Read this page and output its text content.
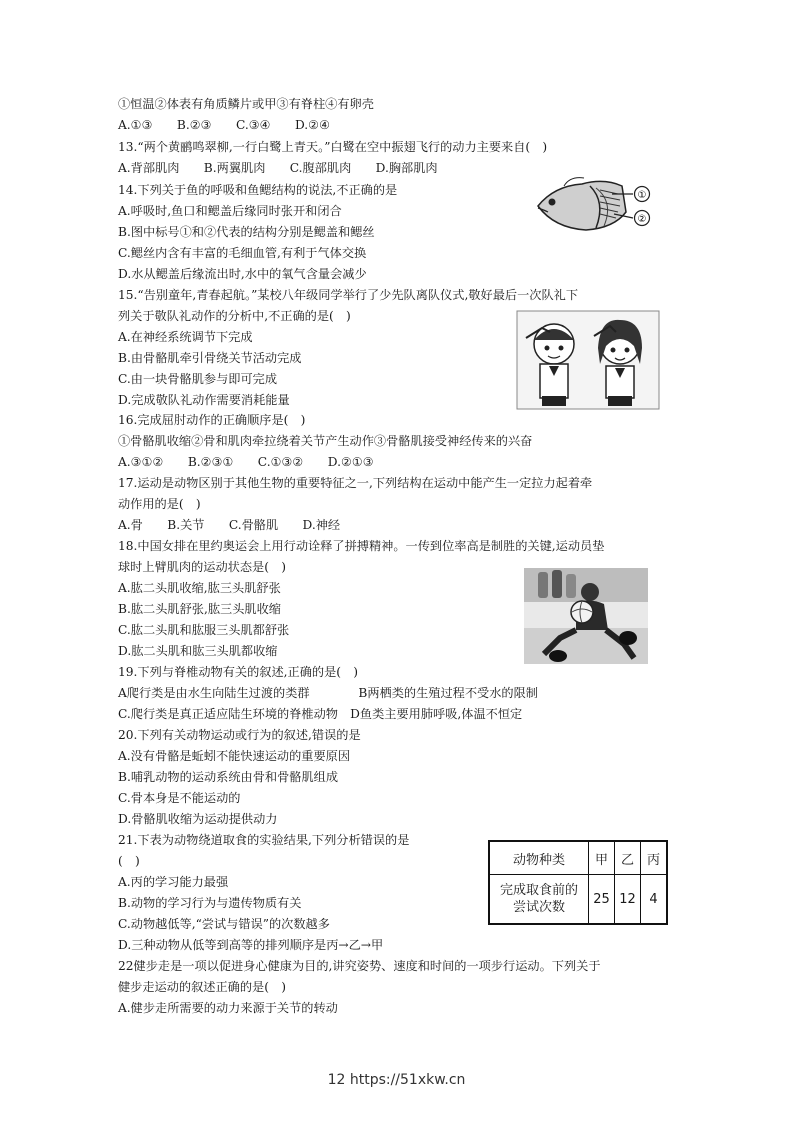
①恒温②体表有角质鳞片或甲③有脊柱④有卵壳
A.①③　　B.②③　　C.③④　　D.②④
13.“两个黄鹂鸣翠柳,一行白鹭上青天。”白鹭在空中振翅飞行的动力主要来自(　)
A.背部肌肉　　B.两翼肌肉　　C.腹部肌肉　　D.胸部肌肉
14.下列关于鱼的呼吸和鱼鳃结构的说法,不正确的是
A.呼吸时,鱼口和鳃盖后缘同时张开和闭合
B.图中标号①和②代表的结构分别是鳃盖和鳃丝
C.鳃丝内含有丰富的毛细血管,有利于气体交换
D.水从鳃盖后缘流出时,水中的氧气含量会减少
15.“告别童年,青春起航。”某校八年级同学举行了少先队离队仪式,敬好最后一次队礼下
列关于敬队礼动作的分析中,不正确的是(　)
A.在神经系统调节下完成
B.由骨骼肌牵引骨绕关节活动完成
C.由一块骨骼肌参与即可完成
D.完成敬队礼动作需要消耗能量
16.完成屈肘动作的正确顺序是(　)
①骨骼肌收缩②骨和肌肉牵拉绕着关节产生动作③骨骼肌接受神经传来的兴奋
A.③①②　　B.②③①　　C.①③②　　D.②①③
17.运动是动物区别于其他生物的重要特征之一,下列结构在运动中能产生一定拉力起着牵
动作用的是(　)
A.骨　　B.关节　　C.骨骼肌　　D.神经
18.中国女排在里约奥运会上用行动诠释了拼搏精神。一传到位率高是制胜的关键,运动员垫
球时上臂肌肉的运动状态是(　)
A.肱二头肌收缩,肱三头肌舒张
B.肱二头肌舒张,肱三头肌收缩
C.肱二头肌和肱服三头肌都舒张
D.肱二头肌和肱三头肌都收缩
19.下列与脊椎动物有关的叙述,正确的是(　)
A爬行类是由水生向陆生过渡的类群　　　　B两栖类的生殖过程不受水的限制
C.爬行类是真正适应陆生环境的脊椎动物　D鱼类主要用肺呼吸,体温不恒定
20.下列有关动物运动或行为的叙述,错误的是
A.没有骨骼是蚯蚓不能快速运动的重要原因
B.哺乳动物的运动系统由骨和骨骼肌组成
C.骨本身是不能运动的
D.骨骼肌收缩为运动提供动力
21.下表为动物绕道取食的实验结果,下列分析错误的是
(　)
A.丙的学习能力最强
B.动物的学习行为与遗传物质有关
C.动物越低等,“尝试与错误”的次数越多
D.三种动物从低等到高等的排列顺序是丙→乙→甲
22健步走是一项以促进身心健康为目的,讲究姿势、速度和时间的一项步行运动。下列关于
健步走运动的叙述正确的是(　)
A.健步走所需要的动力来源于关节的转动
①
②
动物种类	甲	乙	丙

完成取食前的
尝试次数	25	12	4
12 https://51xkw.cn
